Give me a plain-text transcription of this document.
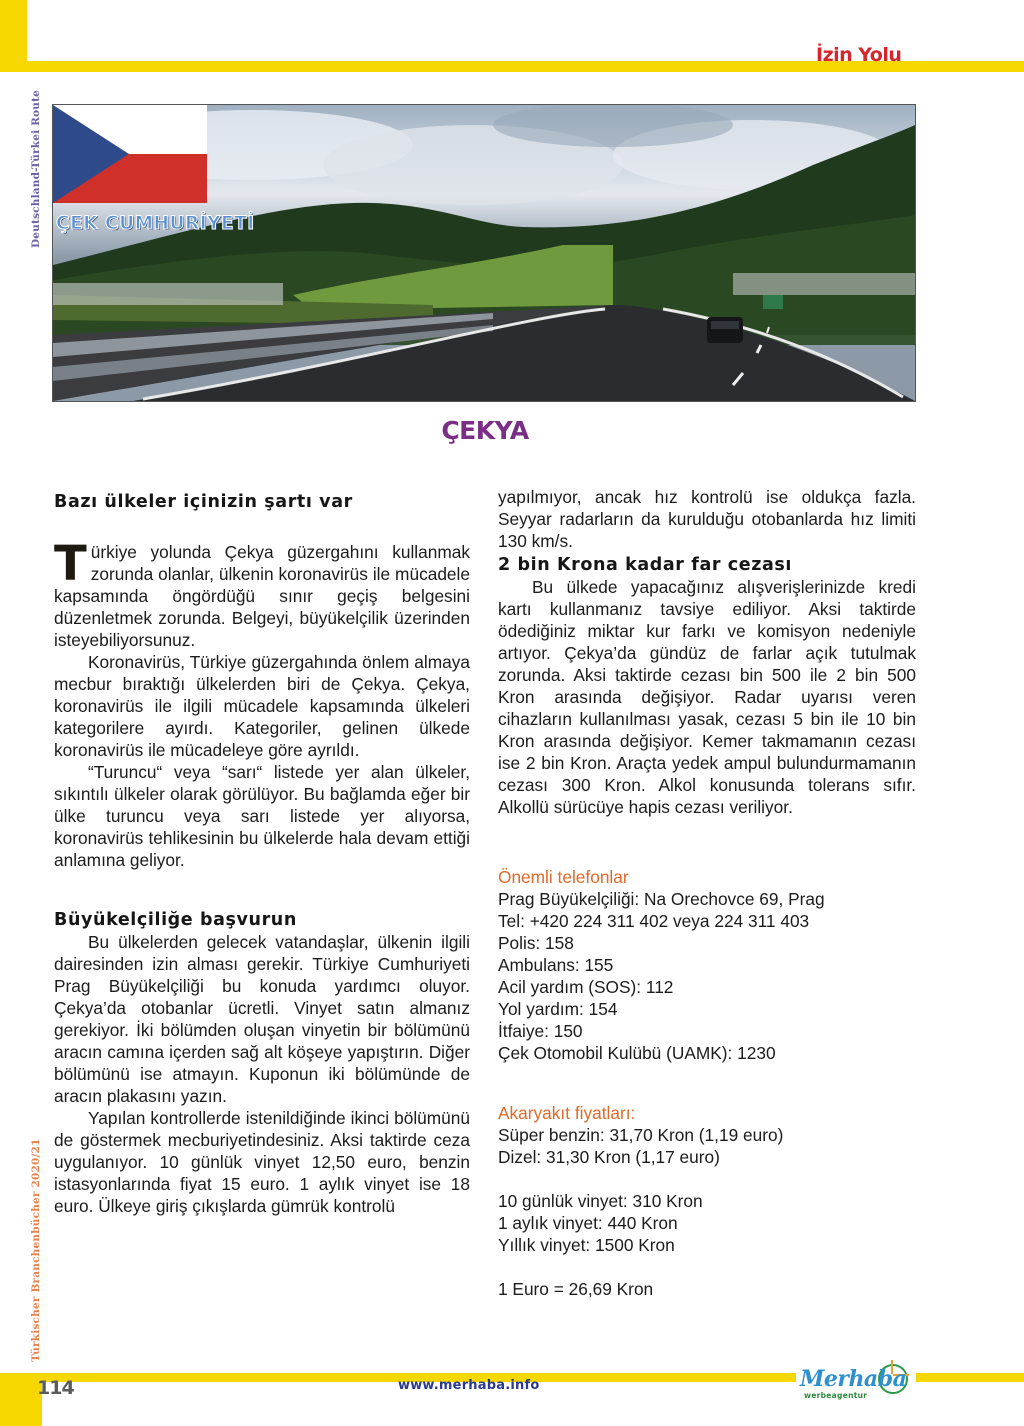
İzin Yolu
Deutschland-Türkei Route
Türkischer Branchenbücher 2020/21
ÇEK CUMHURİYETİ
ÇEKYA

Bazı ülkeler içinizin şartı var

Türkiye yolunda Çekya güzergahını kullanmak zorunda olanlar, ülkenin koronavirüs ile mücadele kapsamında öngördüğü sınır geçiş belgesini düzenletmek zorunda. Belgeyi, büyükelçilik üzerinden isteyebiliyorsunuz.

Koronavirüs, Türkiye güzergahında önlem almaya mecbur bıraktığı ülkelerden biri de Çekya. Çekya, koronavirüs ile ilgili mücadele kapsamında ülkeleri kategorilere ayırdı. Kategoriler, gelinen ülkede koronavirüs ile mücadeleye göre ayrıldı.

“Turuncu“ veya “sarı“ listede yer alan ülkeler, sıkıntılı ülkeler olarak görülüyor. Bu bağlamda eğer bir ülke turuncu veya sarı listede yer alıyorsa, koronavirüs tehlikesinin bu ülkelerde hala devam ettiği anlamına geliyor.

Büyükelçiliğe başvurun

Bu ülkelerden gelecek vatandaşlar, ülkenin ilgili dairesinden izin alması gerekir. Türkiye Cumhuriyeti Prag Büyükelçiliği bu konuda yardımcı oluyor. Çekya’da otobanlar ücretli. Vinyet satın almanız gerekiyor. İki bölümden oluşan vinyetin bir bölümünü aracın camına içerden sağ alt köşeye yapıştırın. Diğer bölümünü ise atmayın. Kuponun iki bölümünde de aracın plakasını yazın.

Yapılan kontrollerde istenildiğinde ikinci bölümünü de göstermek mecburiyetindesiniz. Aksi taktirde ceza uygulanıyor. 10 günlük vinyet 12,50 euro, benzin istasyonlarında fiyat 15 euro. 1 aylık vinyet ise 18 euro. Ülkeye giriş çıkışlarda gümrük kontrolü

yapılmıyor, ancak hız kontrolü ise oldukça fazla. Seyyar radarların da kurulduğu otobanlarda hız limiti 130 km/s.

2 bin Krona kadar far cezası

Bu ülkede yapacağınız alışverişlerinizde kredi kartı kullanmanız tavsiye ediliyor. Aksi taktirde ödediğiniz miktar kur farkı ve komisyon nedeniyle artıyor. Çekya’da gündüz de farlar açık tutulmak zorunda. Aksi taktirde cezası bin 500 ile 2 bin 500 Kron arasında değişiyor. Radar uyarısı veren cihazların kullanılması yasak, cezası 5 bin ile 10 bin Kron arasında değişiyor. Kemer takmamanın cezası ise 2 bin Kron. Araçta yedek ampul bulundurmamanın cezası 300 Kron. Alkol konusunda tolerans sıfır. Alkollü sürücüye hapis cezası veriliyor.

Önemli telefonlar

Prag Büyükelçiliği: Na Orechovce 69, Prag

Tel: +420 224 311 402 veya 224 311 403

Polis: 158

Ambulans: 155

Acil yardım (SOS): 112

Yol yardım: 154

İtfaiye: 150

Çek Otomobil Kulübü (UAMK): 1230

Akaryakıt fiyatları:

Süper benzin: 31,70 Kron (1,19 euro)

Dizel: 31,30 Kron (1,17 euro)

10 günlük vinyet: 310 Kron

1 aylık vinyet: 440 Kron

Yıllık vinyet: 1500 Kron

1 Euro = 26,69 Kron

114	www.merhaba.info	Merhaba
werbeagentur
